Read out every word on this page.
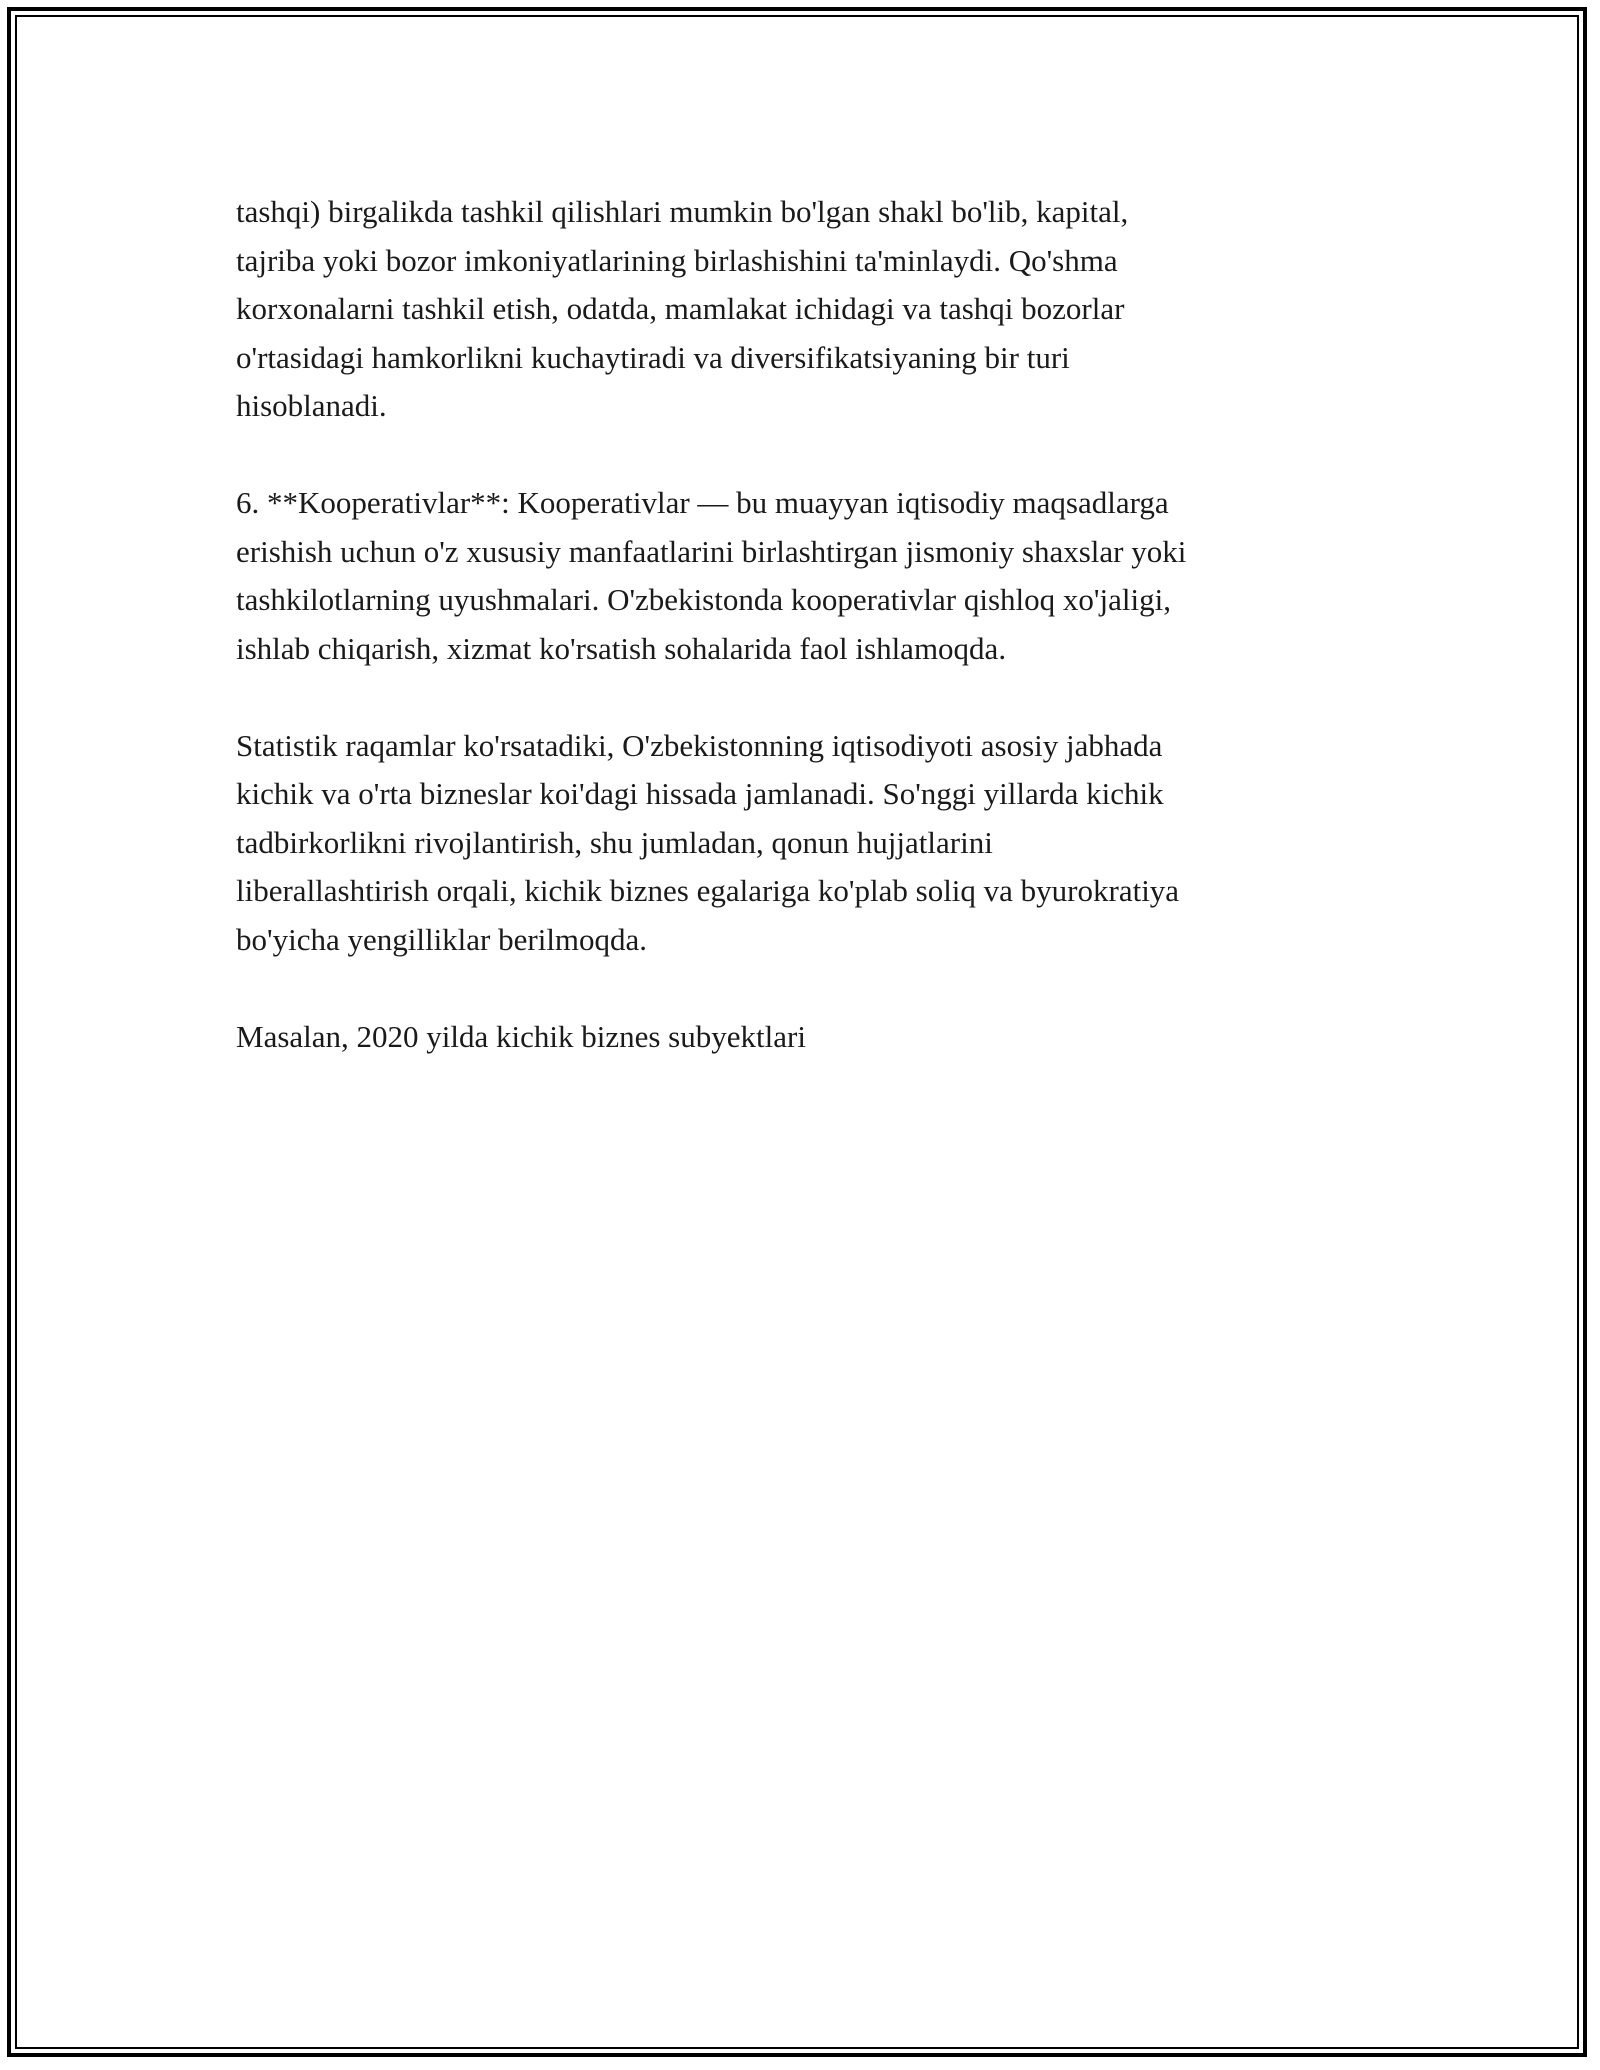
tashqi) birgalikda tashkil qilishlari mumkin bo'lgan shakl bo'lib, kapital,
tajriba yoki bozor imkoniyatlarining birlashishini ta'minlaydi. Qo'shma
korxonalarni tashkil etish, odatda, mamlakat ichidagi va tashqi bozorlar
o'rtasidagi hamkorlikni kuchaytiradi va diversifikatsiyaning bir turi
hisoblanadi.

6. **Kooperativlar**: Kooperativlar — bu muayyan iqtisodiy maqsadlarga
erishish uchun o'z xususiy manfaatlarini birlashtirgan jismoniy shaxslar yoki
tashkilotlarning uyushmalari. O'zbekistonda kooperativlar qishloq xo'jaligi,
ishlab chiqarish, xizmat ko'rsatish sohalarida faol ishlamoqda.

Statistik raqamlar ko'rsatadiki, O'zbekistonning iqtisodiyoti asosiy jabhada
kichik va o'rta bizneslar koi'dagi hissada jamlanadi. So'nggi yillarda kichik
tadbirkorlikni rivojlantirish, shu jumladan, qonun hujjatlarini
liberallashtirish orqali, kichik biznes egalariga ko'plab soliq va byurokratiya
bo'yicha yengilliklar berilmoqda.

Masalan, 2020 yilda kichik biznes subyektlari
